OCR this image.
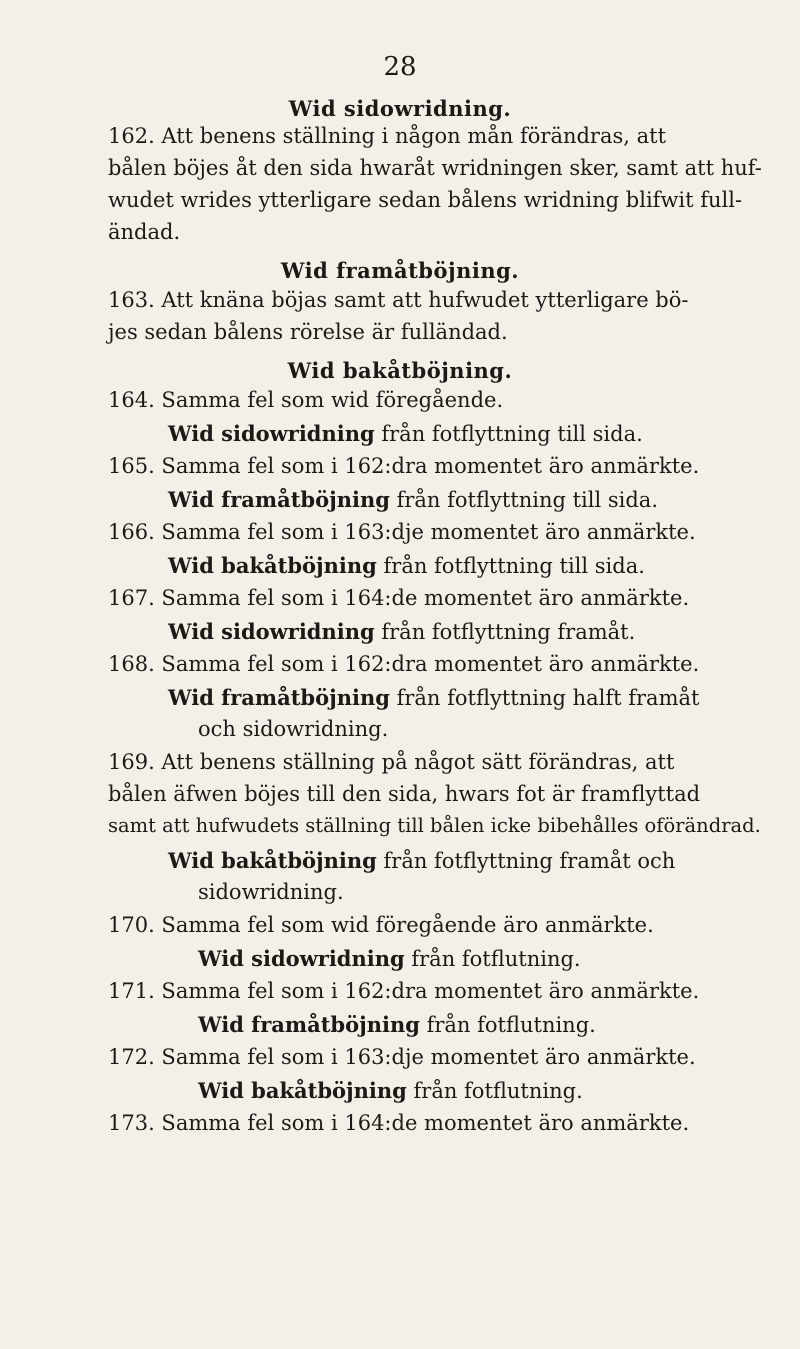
28
Wid sidowridning.
162. Att benens ställning i någon mån förändras, att
bålen böjes åt den sida hwaråt wridningen sker, samt att huf-
wudet wrides ytterligare sedan bålens wridning blifwit full-
ändad.
Wid framåtböjning.
163. Att knäna böjas samt att hufwudet ytterligare bö-
jes sedan bålens rörelse är fulländad.
Wid bakåtböjning.
164. Samma fel som wid föregående.
Wid sidowridning från fotflyttning till sida.
165. Samma fel som i 162:dra momentet äro anmärkte.
Wid framåtböjning från fotflyttning till sida.
166. Samma fel som i 163:dje momentet äro anmärkte.
Wid bakåtböjning från fotflyttning till sida.
167. Samma fel som i 164:de momentet äro anmärkte.
Wid sidowridning från fotflyttning framåt.
168. Samma fel som i 162:dra momentet äro anmärkte.
Wid framåtböjning från fotflyttning halft framåt
och sidowridning.
169. Att benens ställning på något sätt förändras, att
bålen äfwen böjes till den sida, hwars fot är framflyttad
samt att hufwudets ställning till bålen icke bibehålles oförändrad.
Wid bakåtböjning från fotflyttning framåt och
sidowridning.
170. Samma fel som wid föregående äro anmärkte.
Wid sidowridning från fotflutning.
171. Samma fel som i 162:dra momentet äro anmärkte.
Wid framåtböjning från fotflutning.
172. Samma fel som i 163:dje momentet äro anmärkte.
Wid bakåtböjning från fotflutning.
173. Samma fel som i 164:de momentet äro anmärkte.
